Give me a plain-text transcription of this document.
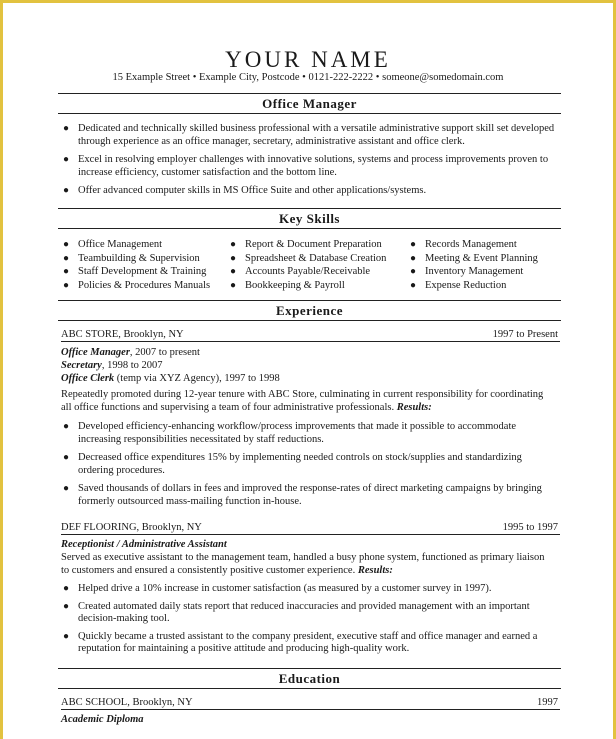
YOUR NAME
15 Example Street • Example City, Postcode • 0121-222-2222 • someone@somedomain.com
Office Manager
● Dedicated and technically skilled business professional with a versatile administrative support skill set developed through experience as an office manager, secretary, administrative assistant and office clerk.
● Excel in resolving employer challenges with innovative solutions, systems and process improvements proven to increase efficiency, customer satisfaction and the bottom line.
● Offer advanced computer skills in MS Office Suite and other applications/systems.
Key Skills
● Office Management
● Teambuilding & Supervision
● Staff Development & Training
● Policies & Procedures Manuals
● Report & Document Preparation
● Spreadsheet & Database Creation
● Accounts Payable/Receivable
● Bookkeeping & Payroll
● Records Management
● Meeting & Event Planning
● Inventory Management
● Expense Reduction
Experience
ABC STORE, Brooklyn, NY	1997 to Present
Office Manager, 2007 to present
Secretary, 1998 to 2007
Office Clerk (temp via XYZ Agency), 1997 to 1998
Repeatedly promoted during 12-year tenure with ABC Store, culminating in current responsibility for coordinating all office functions and supervising a team of four administrative professionals. Results:
● Developed efficiency-enhancing workflow/process improvements that made it possible to accommodate increasing responsibilities necessitated by staff reductions.
● Decreased office expenditures 15% by implementing needed controls on stock/supplies and standardizing ordering procedures.
● Saved thousands of dollars in fees and improved the response-rates of direct marketing campaigns by bringing formerly outsourced mass-mailing function in-house.
DEF FLOORING, Brooklyn, NY	1995 to 1997
Receptionist / Administrative Assistant
Served as executive assistant to the management team, handled a busy phone system, functioned as primary liaison to customers and ensured a consistently positive customer experience. Results:
● Helped drive a 10% increase in customer satisfaction (as measured by a customer survey in 1997).
● Created automated daily stats report that reduced inaccuracies and provided management with an important decision-making tool.
● Quickly became a trusted assistant to the company president, executive staff and office manager and earned a reputation for maintaining a positive attitude and producing high-quality work.
Education
ABC SCHOOL, Brooklyn, NY	1997
Academic Diploma
